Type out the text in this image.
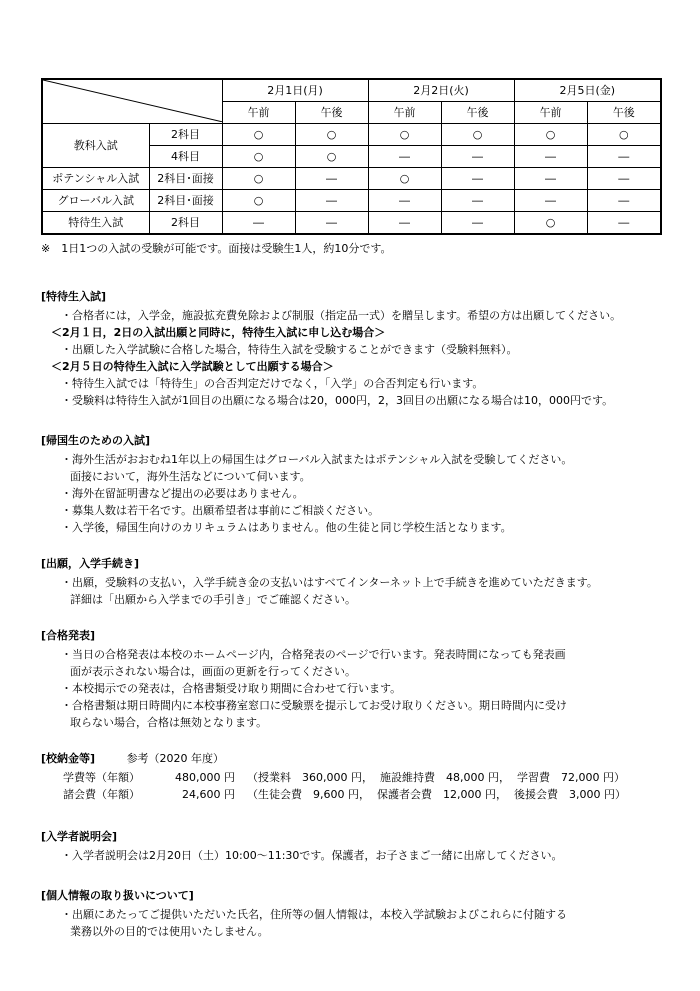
	2月1日(月)		2月2日(火)		2月5日(金)	
		午前	午後	午前	午後	午前	午後
教科入試	2科目	○	○	○	○	○	○
	4科目	○	○	―	―	―	―
ポテンシャル入試	2科目･面接	○	―	○	―	―	―
グローバル入試	2科目･面接	○	―	―	―	―	―
特待生入試	2科目	―	―	―	―	○	―
※　1日1つの入試の受験が可能です。面接は受験生1人，約10分です。
[特待生入試]
・合格者には，入学金，施設拡充費免除および制服（指定品一式）を贈呈します。希望の方は出願してください。
＜2月１日，2日の入試出願と同時に，特待生入試に申し込む場合＞
・出願した入学試験に合格した場合，特待生入試を受験することができます（受験料無料）。
＜2月５日の特待生入試に入学試験として出願する場合＞
・特待生入試では「特待生」の合否判定だけでなく，「入学」の合否判定も行います。
・受験料は特待生入試が1回目の出願になる場合は20，000円，2，3回目の出願になる場合は10，000円です。
[帰国生のための入試]
・海外生活がおおむね1年以上の帰国生はグローバル入試またはポテンシャル入試を受験してください。
面接において，海外生活などについて伺います。
・海外在留証明書など提出の必要はありません。
・募集人数は若干名です。出願希望者は事前にご相談ください。
・入学後，帰国生向けのカリキュラムはありません。他の生徒と同じ学校生活となります。
[出願，入学手続き]
・出願，受験料の支払い，入学手続き金の支払いはすべてインターネット上で手続きを進めていただきます。
詳細は「出願から入学までの手引き」でご確認ください。
[合格発表]
・当日の合格発表は本校のホームページ内，合格発表のページで行います。発表時間になっても発表画
面が表示されない場合は，画面の更新を行ってください。
・本校掲示での発表は，合格書類受け取り期間に合わせて行います。
・合格書類は期日時間内に本校事務室窓口に受験票を提示してお受け取りください。期日時間内に受け
取らない場合，合格は無効となります。
[校納金等]	参考（2020 年度）
学費等（年額）	480,000 円 （授業料　360,000 円，  施設維持費　48,000 円，  学習費　72,000 円）
諸会費（年額）	24,600 円 （生徒会費　9,600 円，  保護者会費　12,000 円，  後援会費　3,000 円）
[入学者説明会]
・入学者説明会は2月20日（土）10:00～11:30です。保護者，お子さまご一緒に出席してください。
[個人情報の取り扱いについて]
・出願にあたってご提供いただいた氏名，住所等の個人情報は，本校入学試験およびこれらに付随する
業務以外の目的では使用いたしません。
